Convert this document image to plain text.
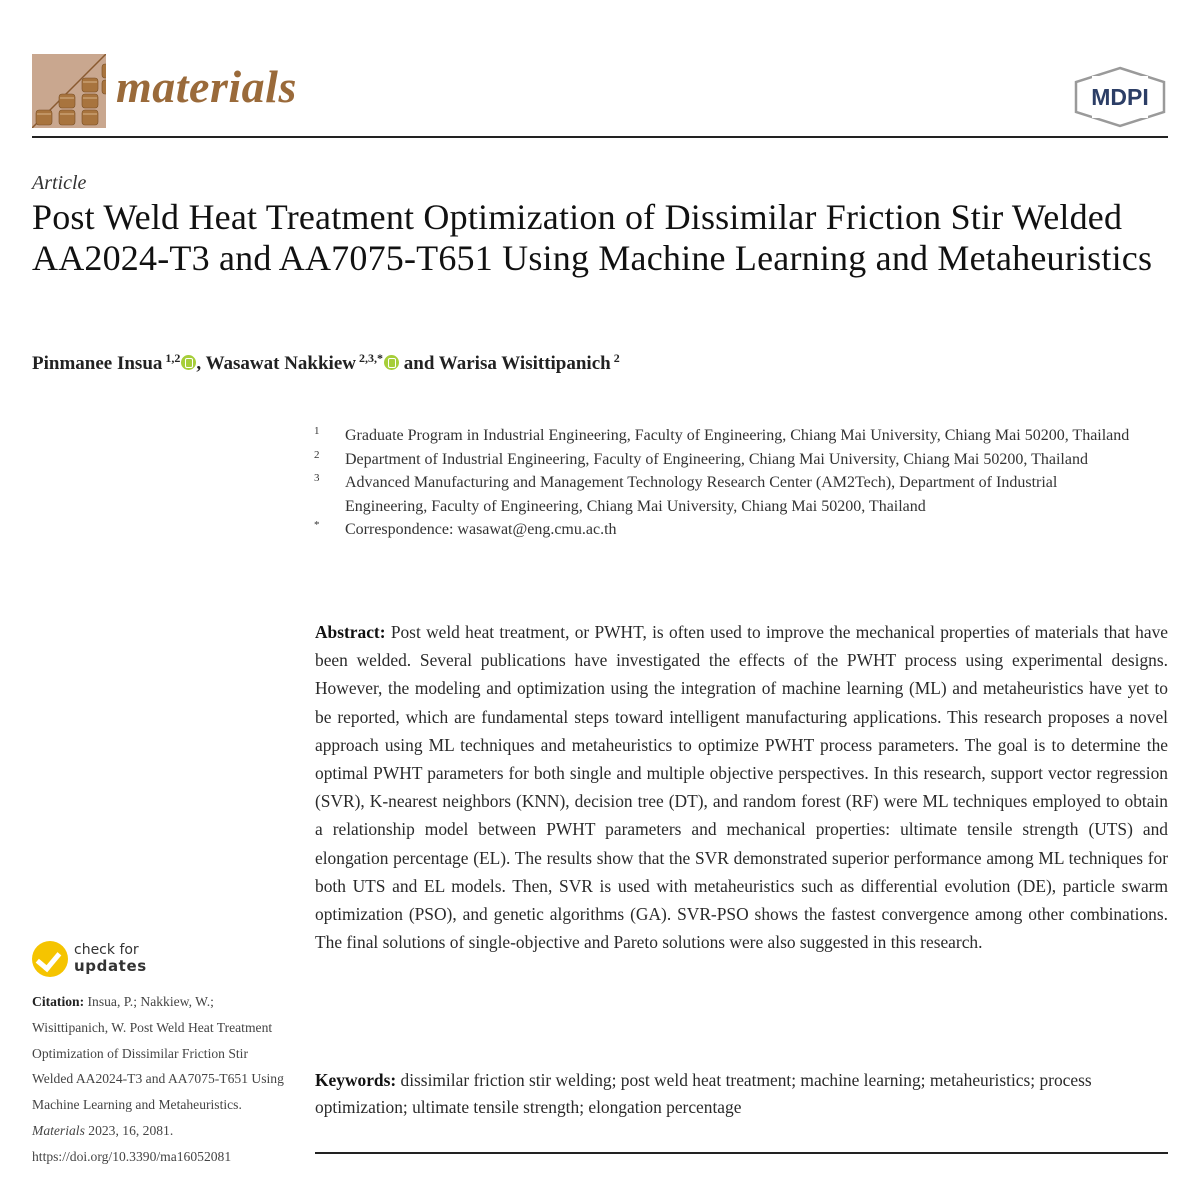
materials	MDPI
Article
Post Weld Heat Treatment Optimization of Dissimilar Friction Stir Welded AA2024-T3 and AA7075-T651 Using Machine Learning and Metaheuristics
Pinmanee Insua $^{1,2}$ , Wasawat Nakkiew $^{2,3,*}$ and Warisa Wisittipanich $^2$
1 Graduate Program in Industrial Engineering, Faculty of Engineering, Chiang Mai University, Chiang Mai 50200, Thailand
2 Department of Industrial Engineering, Faculty of Engineering, Chiang Mai University, Chiang Mai 50200, Thailand
3 Advanced Manufacturing and Management Technology Research Center (AM2Tech), Department of Industrial Engineering, Faculty of Engineering, Chiang Mai University, Chiang Mai 50200, Thailand
* Correspondence: wasawat@eng.cmu.ac.th
Abstract: Post weld heat treatment, or PWHT, is often used to improve the mechanical properties of materials that have been welded. Several publications have investigated the effects of the PWHT process using experimental designs. However, the modeling and optimization using the integration of machine learning (ML) and metaheuristics have yet to be reported, which are fundamental steps toward intelligent manufacturing applications. This research proposes a novel approach using ML techniques and metaheuristics to optimize PWHT process parameters. The goal is to determine the optimal PWHT parameters for both single and multiple objective perspectives. In this research, support vector regression (SVR), K-nearest neighbors (KNN), decision tree (DT), and random forest (RF) were ML techniques employed to obtain a relationship model between PWHT parameters and mechanical properties: ultimate tensile strength (UTS) and elongation percentage (EL). The results show that the SVR demonstrated superior performance among ML techniques for both UTS and EL models. Then, SVR is used with metaheuristics such as differential evolution (DE), particle swarm optimization (PSO), and genetic algorithms (GA). SVR-PSO shows the fastest convergence among other combinations. The final solutions of single-objective and Pareto solutions were also suggested in this research.
Keywords: dissimilar friction stir welding; post weld heat treatment; machine learning; metaheuristics; process optimization; ultimate tensile strength; elongation percentage
check for
updates
Citation: Insua, P.; Nakkiew, W.; Wisittipanich, W. Post Weld Heat Treatment Optimization of Dissimilar Friction Stir Welded AA2024-T3 and AA7075-T651 Using Machine Learning and Metaheuristics. Materials 2023, 16, 2081. https://doi.org/10.3390/ma16052081
